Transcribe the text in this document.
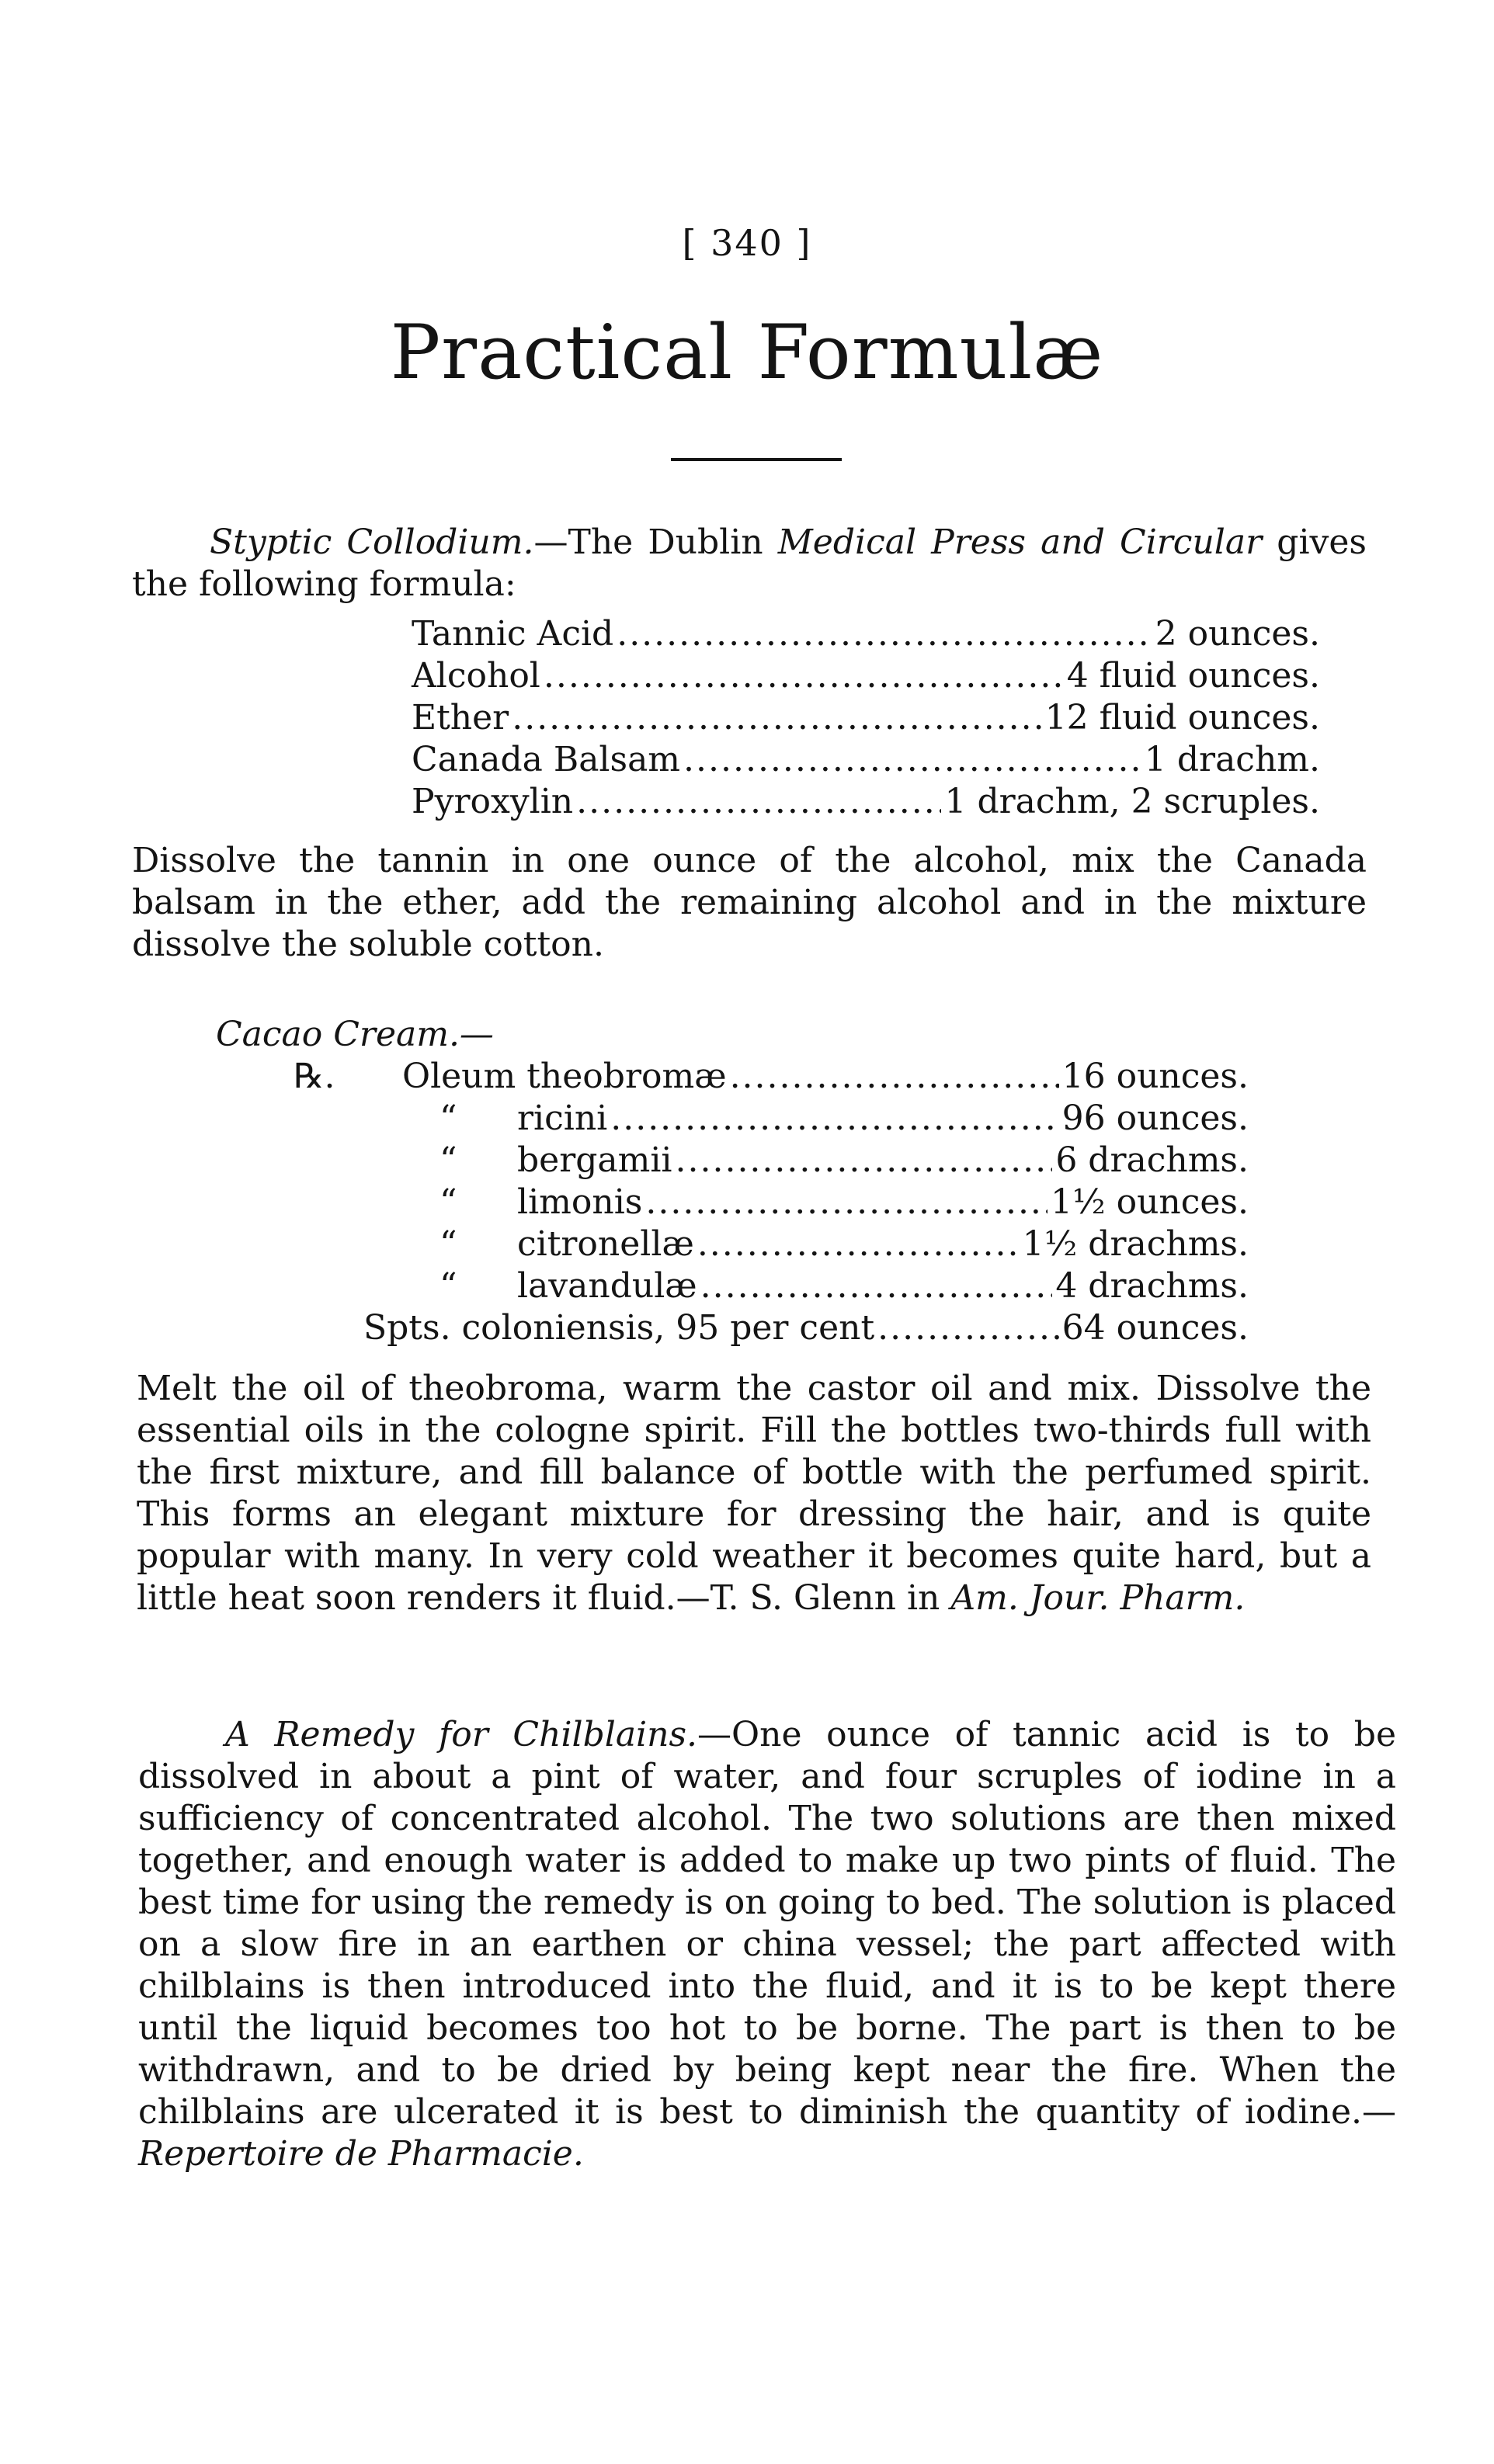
[ 340 ]
Practical Formulæ

Styptic Collodium.—The Dublin Medical Press and Circular gives the following formula:

Tannic Acid .....	2 ounces.
Alcohol .....	4 fluid ounces.
Ether .....	12 fluid ounces.
Canada Balsam .....	1 drachm.
Pyroxylin .....	1 drachm, 2 scruples.

Dissolve the tannin in one ounce of the alcohol, mix the Canada balsam in the ether, add the remaining alcohol and in the mixture dissolve the soluble cotton.

Cacao Cream.—

℞. Oleum theobromæ .....	16 ounces.
“ ricini .....	96 ounces.
“ bergamii .....	6 drachms.
“ limonis .....	1½ ounces.
“ citronellæ .....	1½ drachms.
“ lavandulæ .....	4 drachms.
Spts. coloniensis, 95 per cent .....	64 ounces.

Melt the oil of theobroma, warm the castor oil and mix. Dissolve the essential oils in the cologne spirit. Fill the bottles two-thirds full with the first mixture, and fill balance of bottle with the perfumed spirit. This forms an elegant mixture for dressing the hair, and is quite popular with many. In very cold weather it becomes quite hard, but a little heat soon renders it fluid.—T. S. Glenn in Am. Jour. Pharm.

A Remedy for Chilblains.—One ounce of tannic acid is to be dissolved in about a pint of water, and four scruples of iodine in a sufficiency of concentrated alcohol. The two solutions are then mixed together, and enough water is added to make up two pints of fluid. The best time for using the remedy is on going to bed. The solution is placed on a slow fire in an earthen or china vessel; the part affected with chilblains is then introduced into the fluid, and it is to be kept there until the liquid becomes too hot to be borne. The part is then to be withdrawn, and to be dried by being kept near the fire. When the chilblains are ulcerated it is best to diminish the quantity of iodine.—Repertoire de Pharmacie.
